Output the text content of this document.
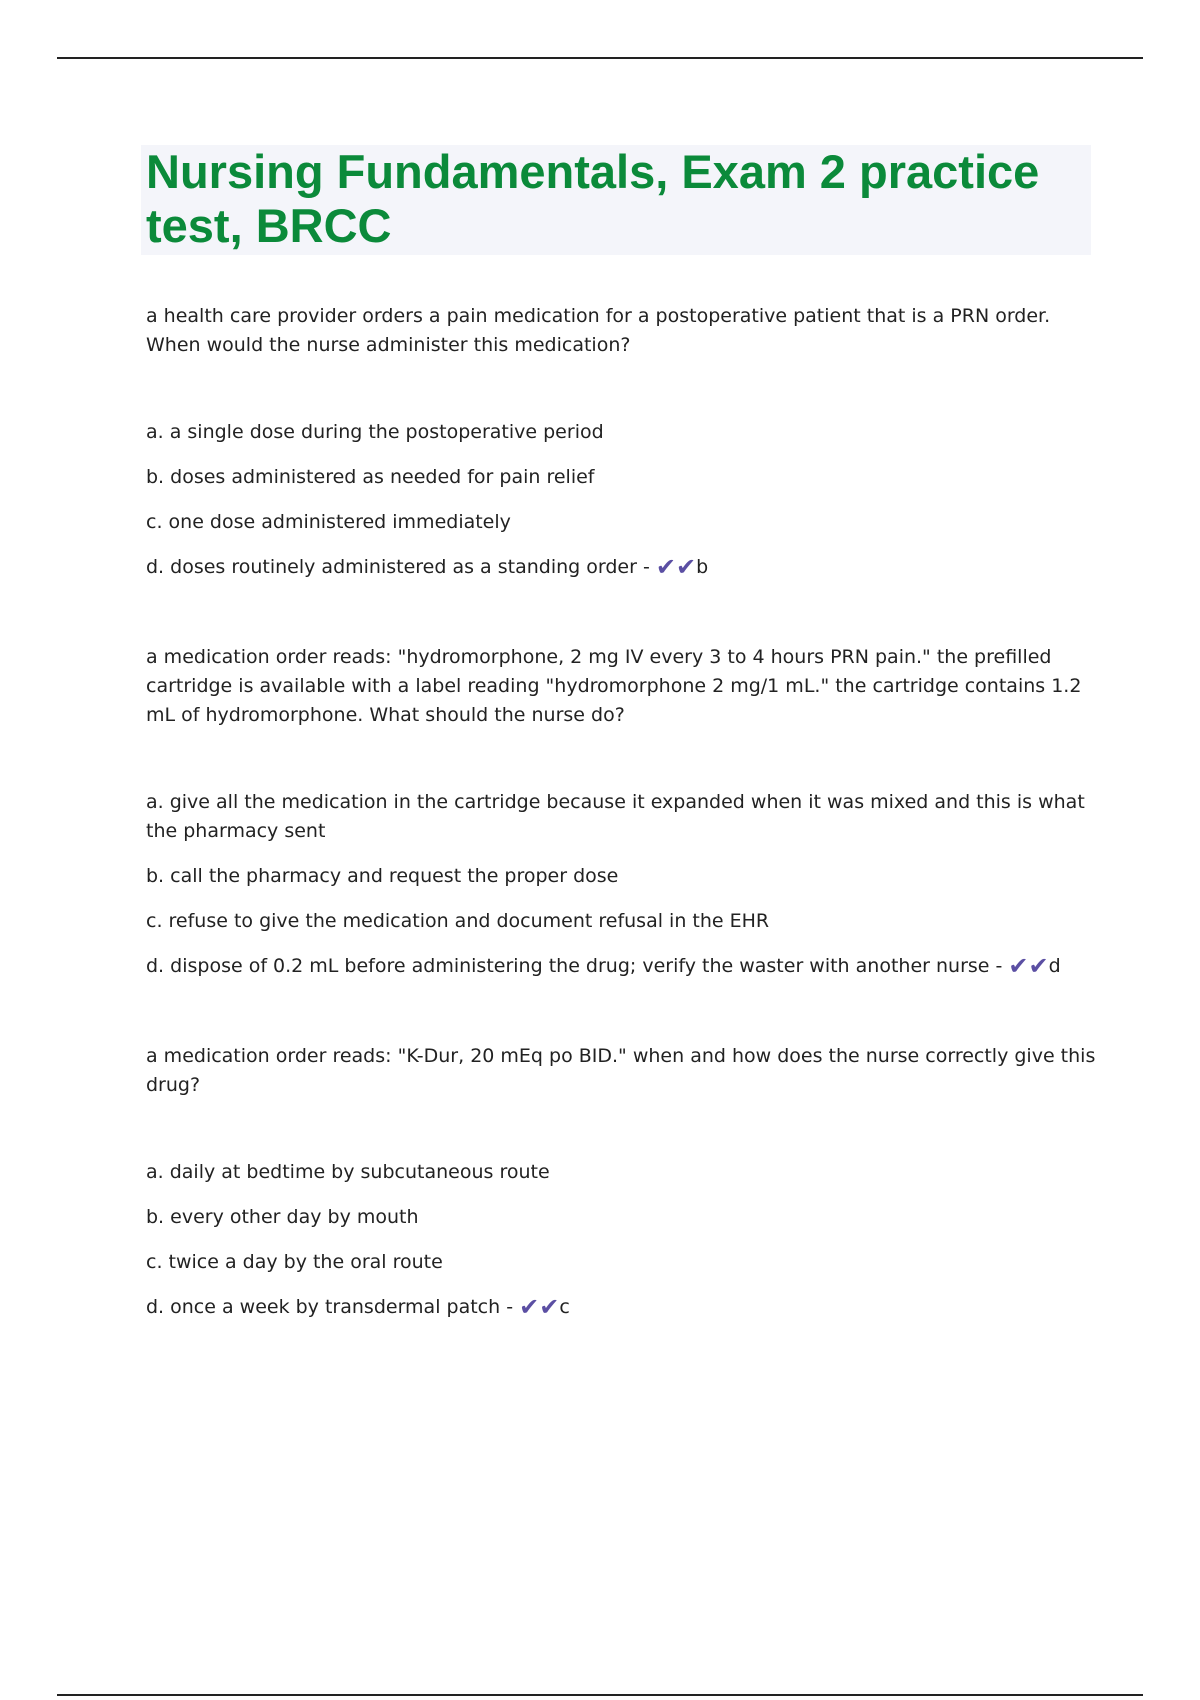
Nursing Fundamentals, Exam 2 practice test, BRCC

a health care provider orders a pain medication for a postoperative patient that is a PRN order. When would the nurse administer this medication?

a. a single dose during the postoperative period

b. doses administered as needed for pain relief

c. one dose administered immediately

d. doses routinely administered as a standing order - ✔✔b

a medication order reads: "hydromorphone, 2 mg IV every 3 to 4 hours PRN pain." the prefilled cartridge is available with a label reading "hydromorphone 2 mg/1 mL." the cartridge contains 1.2 mL of hydromorphone. What should the nurse do?

a. give all the medication in the cartridge because it expanded when it was mixed and this is what the pharmacy sent

b. call the pharmacy and request the proper dose

c. refuse to give the medication and document refusal in the EHR

d. dispose of 0.2 mL before administering the drug; verify the waster with another nurse - ✔✔d

a medication order reads: "K-Dur, 20 mEq po BID." when and how does the nurse correctly give this drug?

a. daily at bedtime by subcutaneous route

b. every other day by mouth

c. twice a day by the oral route

d. once a week by transdermal patch - ✔✔c
